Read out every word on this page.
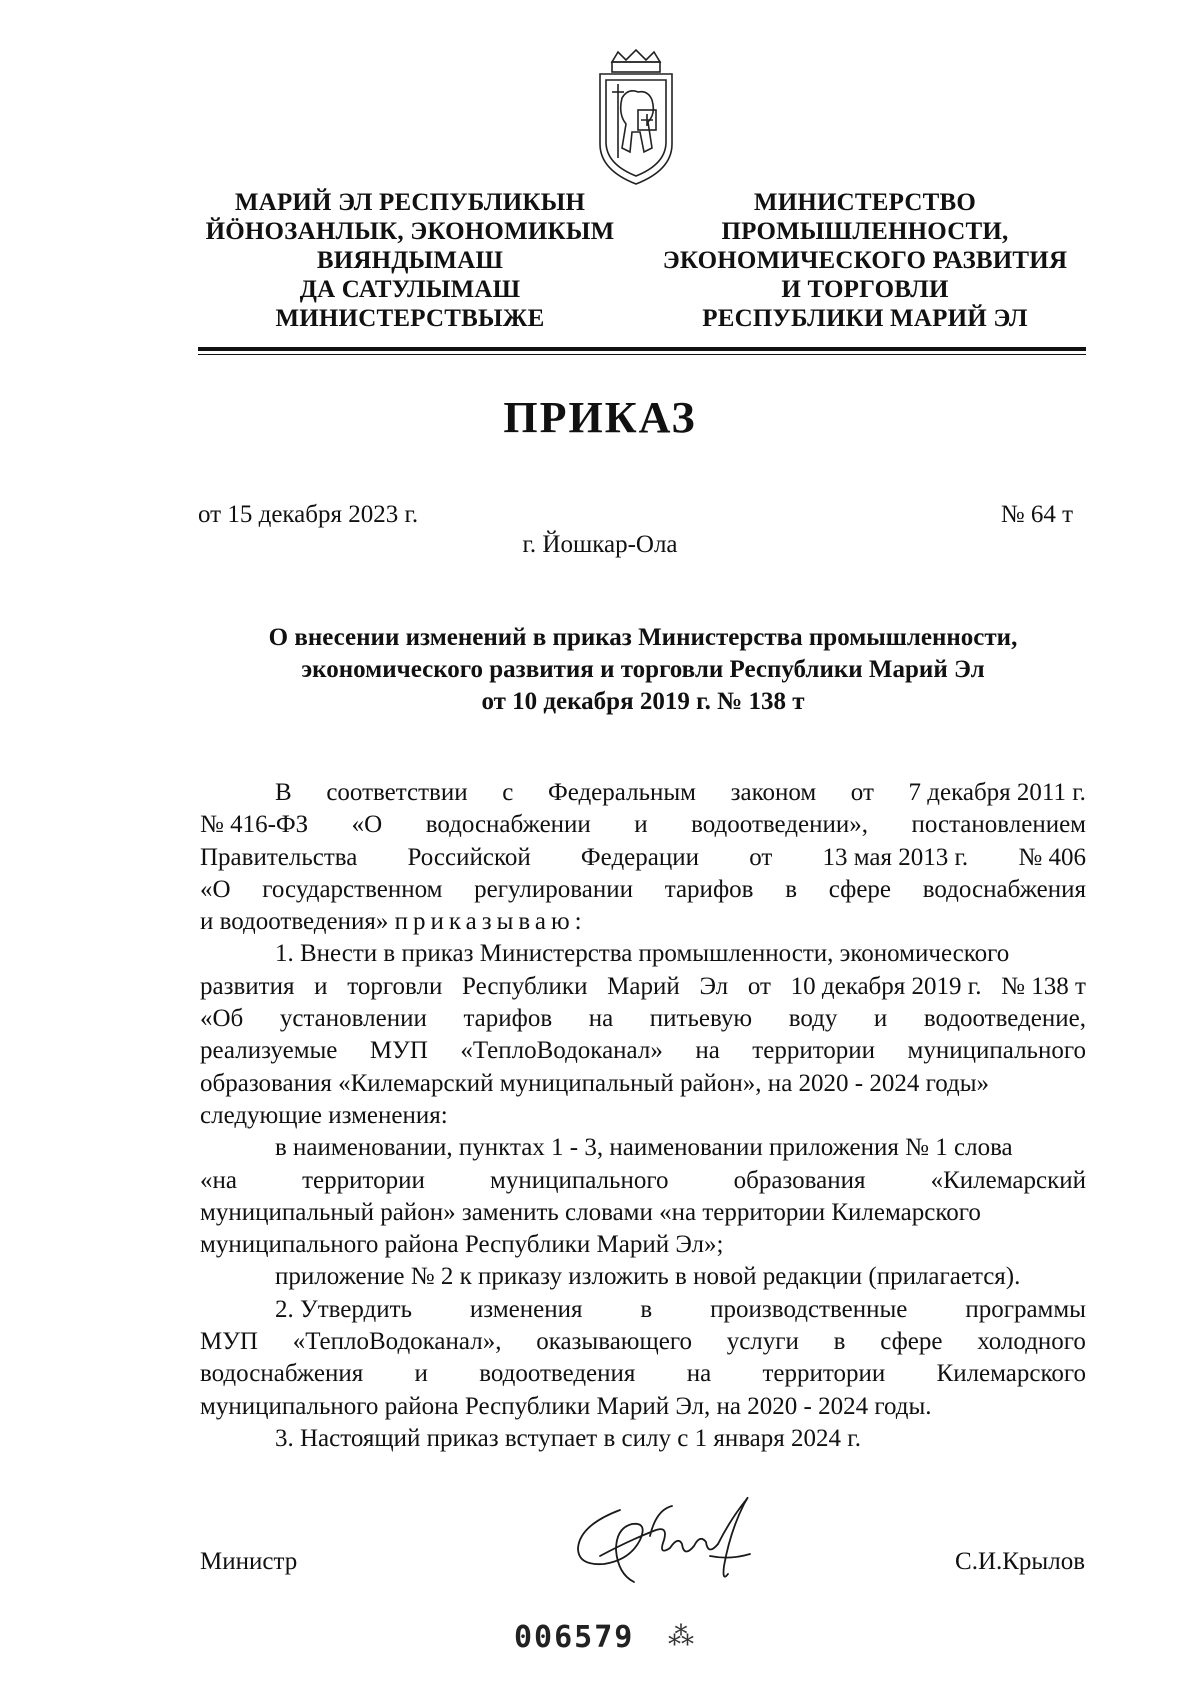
МАРИЙ ЭЛ РЕСПУБЛИКЫН
ЙӦНОЗАНЛЫК, ЭКОНОМИКЫМ
ВИЯНДЫМАШ
ДА САТУЛЫМАШ
МИНИСТЕРСТВЫЖЕ
МИНИСТЕРСТВО
ПРОМЫШЛЕННОСТИ,
ЭКОНОМИЧЕСКОГО РАЗВИТИЯ
И ТОРГОВЛИ
РЕСПУБЛИКИ МАРИЙ ЭЛ
ПРИКАЗ
от 15 декабря 2023 г.	№ 64 т
г. Йошкар-Ола
О внесении изменений в приказ Министерства промышленности,
экономического развития и торговли Республики Марий Эл
от 10 декабря 2019 г. № 138 т
В соответствии с Федеральным законом от 7 декабря 2011 г.
№ 416-ФЗ «О водоснабжении и водоотведении», постановлением
Правительства Российской Федерации от 13 мая 2013 г. № 406
«О государственном регулировании тарифов в сфере водоснабжения
и водоотведения» приказываю:
1. Внести в приказ Министерства промышленности, экономического
развития и торговли Республики Марий Эл от 10 декабря 2019 г. № 138 т
«Об установлении тарифов на питьевую воду и водоотведение,
реализуемые МУП «ТеплоВодоканал» на территории муниципального
образования «Килемарский муниципальный район», на 2020 - 2024 годы»
следующие изменения:
в наименовании, пунктах 1 - 3, наименовании приложения № 1 слова
«на	территории	муниципального	образования	«Килемарский
муниципальный район» заменить словами «на территории Килемарского
муниципального района Республики Марий Эл»;
приложение № 2 к приказу изложить в новой редакции (прилагается).
2. Утвердить изменения в производственные программы
МУП «ТеплоВодоканал», оказывающего услуги в сфере холодного
водоснабжения и водоотведения на территории Килемарского
муниципального района Республики Марий Эл, на 2020 - 2024 годы.
3. Настоящий приказ вступает в силу с 1 января 2024 г.
Министр	С.И.Крылов
006579 ⁂
